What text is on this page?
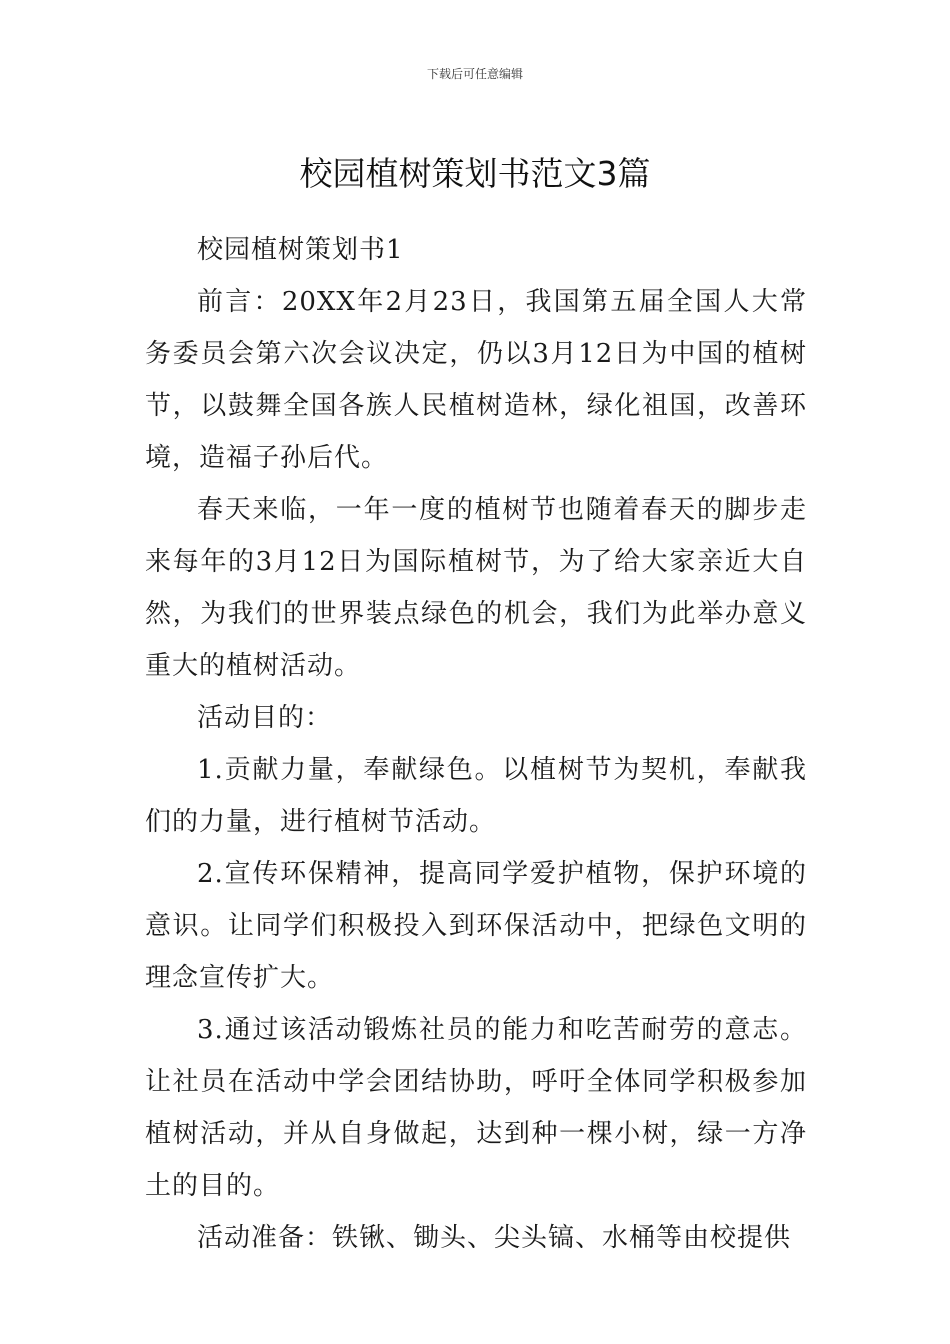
下载后可任意编辑
校园植树策划书范文3篇

校园植树策划书1

前言：20XX年2月23日，我国第五届全国人大常务委员会第六次会议决定，仍以3月12日为中国的植树节，以鼓舞全国各族人民植树造林，绿化祖国，改善环境，造福子孙后代。

春天来临，一年一度的植树节也随着春天的脚步走来每年的3月12日为国际植树节，为了给大家亲近大自然，为我们的世界装点绿色的机会，我们为此举办意义重大的植树活动。

活动目的：

1.贡献力量，奉献绿色。以植树节为契机，奉献我们的力量，进行植树节活动。

2.宣传环保精神，提高同学爱护植物，保护环境的意识。让同学们积极投入到环保活动中，把绿色文明的理念宣传扩大。

3.通过该活动锻炼社员的能力和吃苦耐劳的意志。让社员在活动中学会团结协助，呼吁全体同学积极参加植树活动，并从自身做起，达到种一棵小树，绿一方净土的目的。

活动准备：铁锹、锄头、尖头镐、水桶等由校提供
